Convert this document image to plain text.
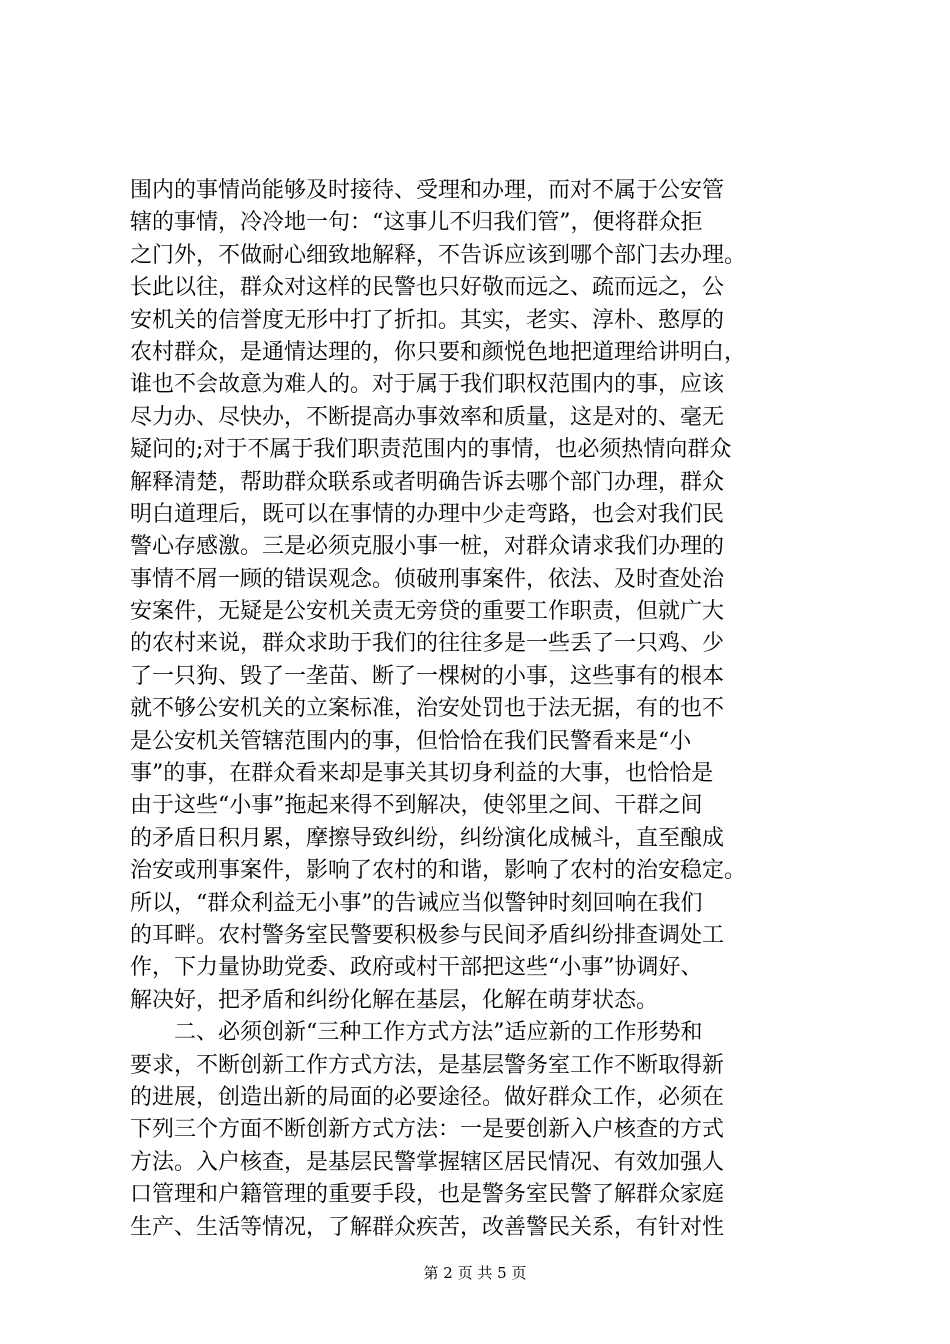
围内的事情尚能够及时接待、受理和办理，而对不属于公安管
辖的事情，冷冷地一句：“这事儿不归我们管”，便将群众拒
之门外，不做耐心细致地解释，不告诉应该到哪个部门去办理。
长此以往，群众对这样的民警也只好敬而远之、疏而远之，公
安机关的信誉度无形中打了折扣。其实，老实、淳朴、憨厚的
农村群众，是通情达理的，你只要和颜悦色地把道理给讲明白，
谁也不会故意为难人的。对于属于我们职权范围内的事，应该
尽力办、尽快办，不断提高办事效率和质量，这是对的、毫无
疑问的;对于不属于我们职责范围内的事情，也必须热情向群众
解释清楚，帮助群众联系或者明确告诉去哪个部门办理，群众
明白道理后，既可以在事情的办理中少走弯路，也会对我们民
警心存感激。三是必须克服小事一桩，对群众请求我们办理的
事情不屑一顾的错误观念。侦破刑事案件，依法、及时查处治
安案件，无疑是公安机关责无旁贷的重要工作职责，但就广大
的农村来说，群众求助于我们的往往多是一些丢了一只鸡、少
了一只狗、毁了一垄苗、断了一棵树的小事，这些事有的根本
就不够公安机关的立案标准，治安处罚也于法无据，有的也不
是公安机关管辖范围内的事，但恰恰在我们民警看来是“小
事”的事，在群众看来却是事关其切身利益的大事，也恰恰是
由于这些“小事”拖起来得不到解决，使邻里之间、干群之间
的矛盾日积月累，摩擦导致纠纷，纠纷演化成械斗，直至酿成
治安或刑事案件，影响了农村的和谐，影响了农村的治安稳定。
所以，“群众利益无小事”的告诫应当似警钟时刻回响在我们
的耳畔。农村警务室民警要积极参与民间矛盾纠纷排查调处工
作，下力量协助党委、政府或村干部把这些“小事”协调好、
解决好，把矛盾和纠纷化解在基层，化解在萌芽状态。
　　二、必须创新“三种工作方式方法”适应新的工作形势和
要求，不断创新工作方式方法，是基层警务室工作不断取得新
的进展，创造出新的局面的必要途径。做好群众工作，必须在
下列三个方面不断创新方式方法：一是要创新入户核查的方式
方法。入户核查，是基层民警掌握辖区居民情况、有效加强人
口管理和户籍管理的重要手段，也是警务室民警了解群众家庭
生产、生活等情况，了解群众疾苦，改善警民关系，有针对性
第 2 页 共 5 页
